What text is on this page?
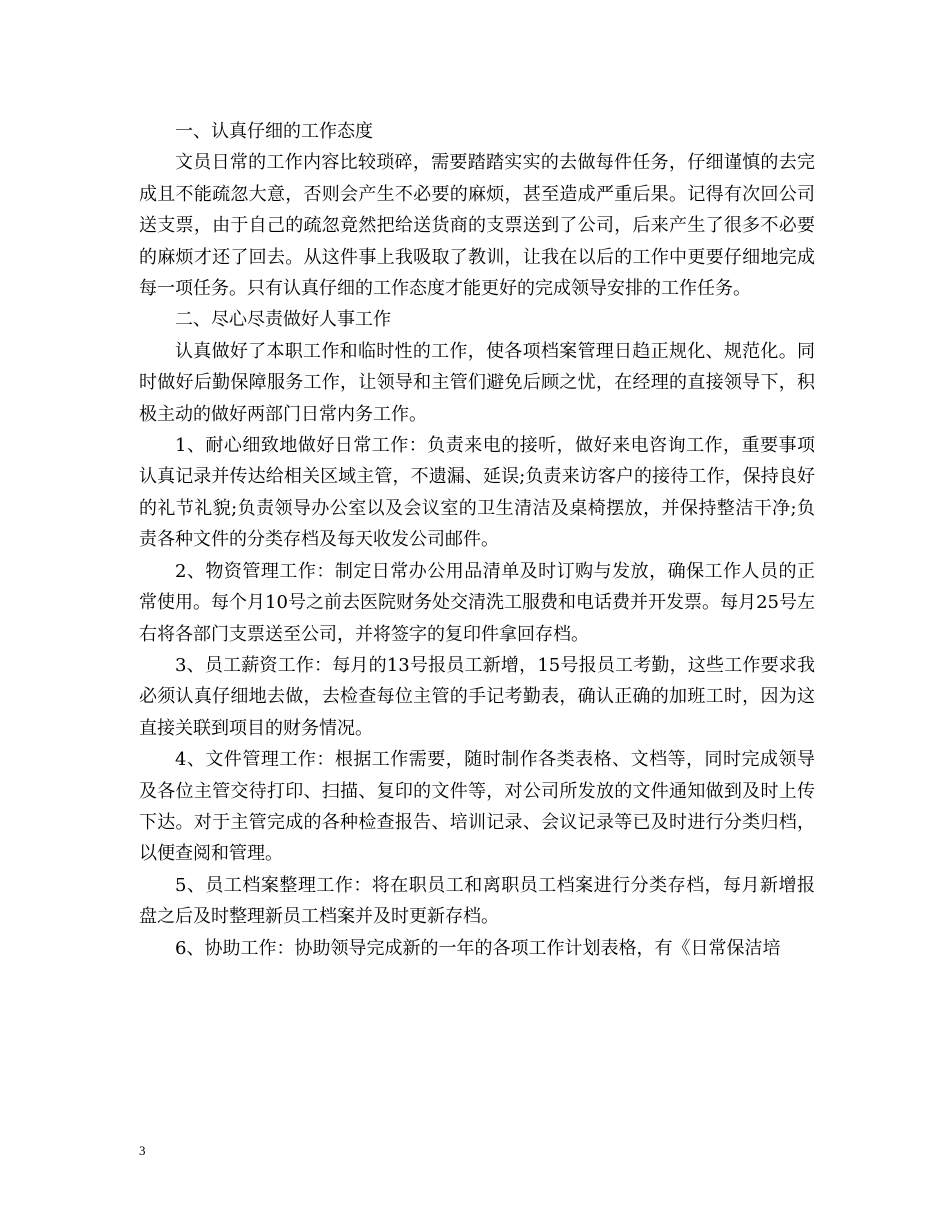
一、认真仔细的工作态度

文员日常的工作内容比较琐碎，需要踏踏实实的去做每件任务，仔细谨慎的去完成且不能疏忽大意，否则会产生不必要的麻烦，甚至造成严重后果。记得有次回公司送支票，由于自己的疏忽竟然把给送货商的支票送到了公司，后来产生了很多不必要的麻烦才还了回去。从这件事上我吸取了教训，让我在以后的工作中更要仔细地完成每一项任务。只有认真仔细的工作态度才能更好的完成领导安排的工作任务。

二、尽心尽责做好人事工作

认真做好了本职工作和临时性的工作，使各项档案管理日趋正规化、规范化。同时做好后勤保障服务工作，让领导和主管们避免后顾之忧，在经理的直接领导下，积极主动的做好两部门日常内务工作。

1、耐心细致地做好日常工作：负责来电的接听，做好来电咨询工作，重要事项认真记录并传达给相关区域主管，不遗漏、延误;负责来访客户的接待工作，保持良好的礼节礼貌;负责领导办公室以及会议室的卫生清洁及桌椅摆放，并保持整洁干净;负责各种文件的分类存档及每天收发公司邮件。

2、物资管理工作：制定日常办公用品清单及时订购与发放，确保工作人员的正常使用。每个月10号之前去医院财务处交清洗工服费和电话费并开发票。每月25号左右将各部门支票送至公司，并将签字的复印件拿回存档。

3、员工薪资工作：每月的13号报员工新增，15号报员工考勤，这些工作要求我必须认真仔细地去做，去检查每位主管的手记考勤表，确认正确的加班工时，因为这直接关联到项目的财务情况。

4、文件管理工作：根据工作需要，随时制作各类表格、文档等，同时完成领导及各位主管交待打印、扫描、复印的文件等，对公司所发放的文件通知做到及时上传下达。对于主管完成的各种检查报告、培训记录、会议记录等已及时进行分类归档，以便查阅和管理。

5、员工档案整理工作：将在职员工和离职员工档案进行分类存档，每月新增报盘之后及时整理新员工档案并及时更新存档。

6、协助工作：协助领导完成新的一年的各项工作计划表格，有《日常保洁培

3
